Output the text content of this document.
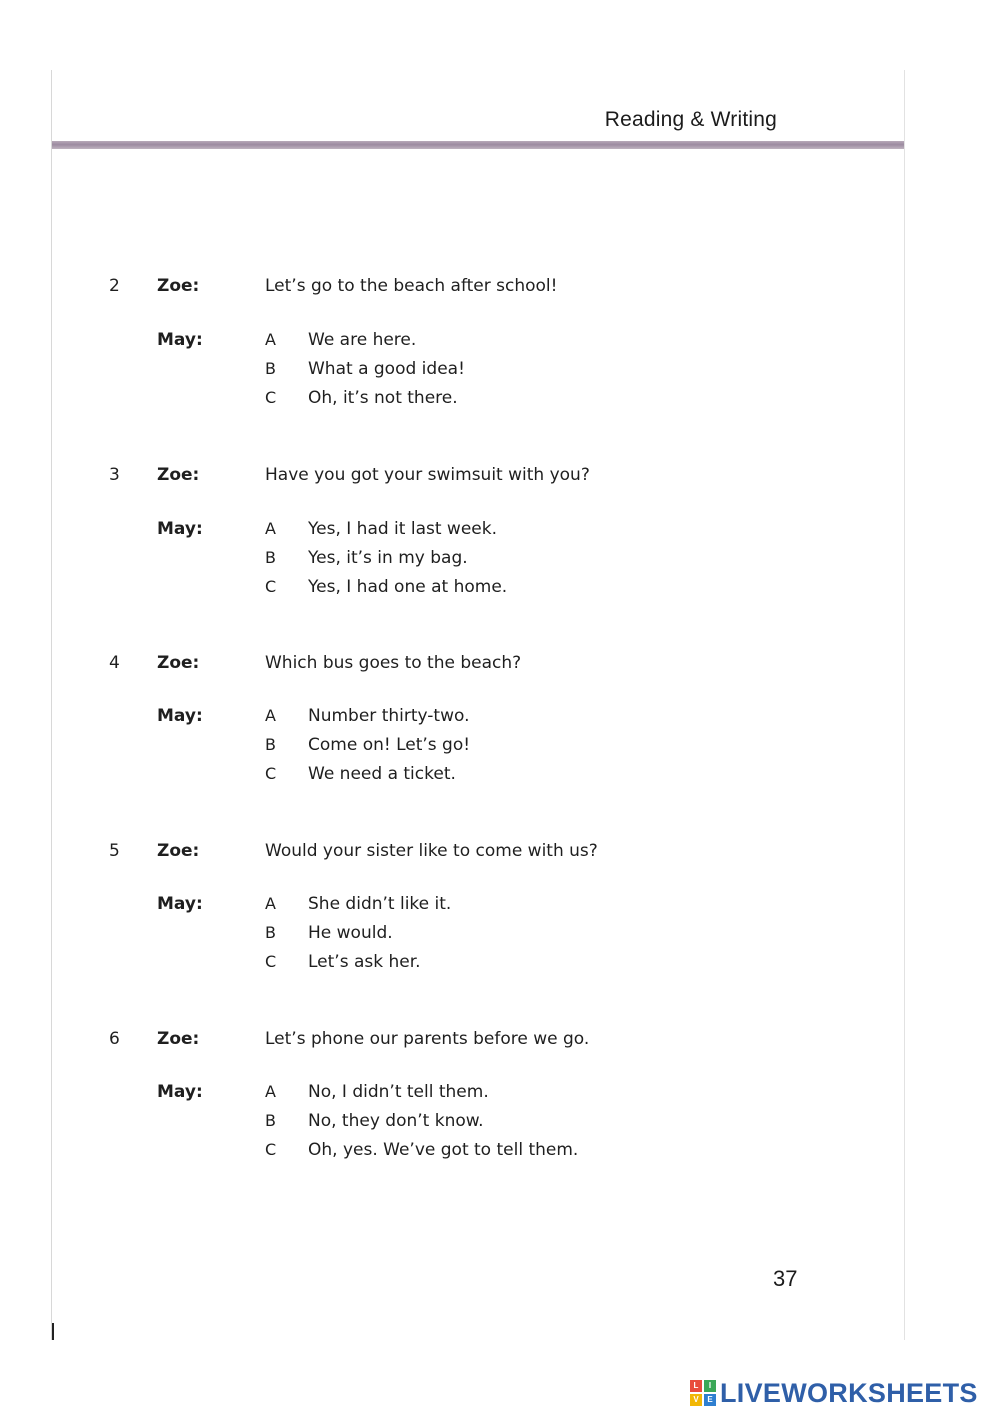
Reading & Writing
2 Zoe:	Let’s go to the beach after school!
May:	A We are here.
B What a good idea!
C Oh, it’s not there.
3 Zoe:	Have you got your swimsuit with you?
May:	A Yes, I had it last week.
B Yes, it’s in my bag.
C Yes, I had one at home.
4 Zoe:	Which bus goes to the beach?
May:	A Number thirty-two.
B Come on! Let’s go!
C We need a ticket.
5 Zoe:	Would your sister like to come with us?
May:	A She didn’t like it.
B He would.
C Let’s ask her.
6 Zoe:	Let’s phone our parents before we go.
May:	A No, I didn’t tell them.
B No, they don’t know.
C Oh, yes. We’ve got to tell them.
37
L	I
V	E LIVEWORKSHEETS
